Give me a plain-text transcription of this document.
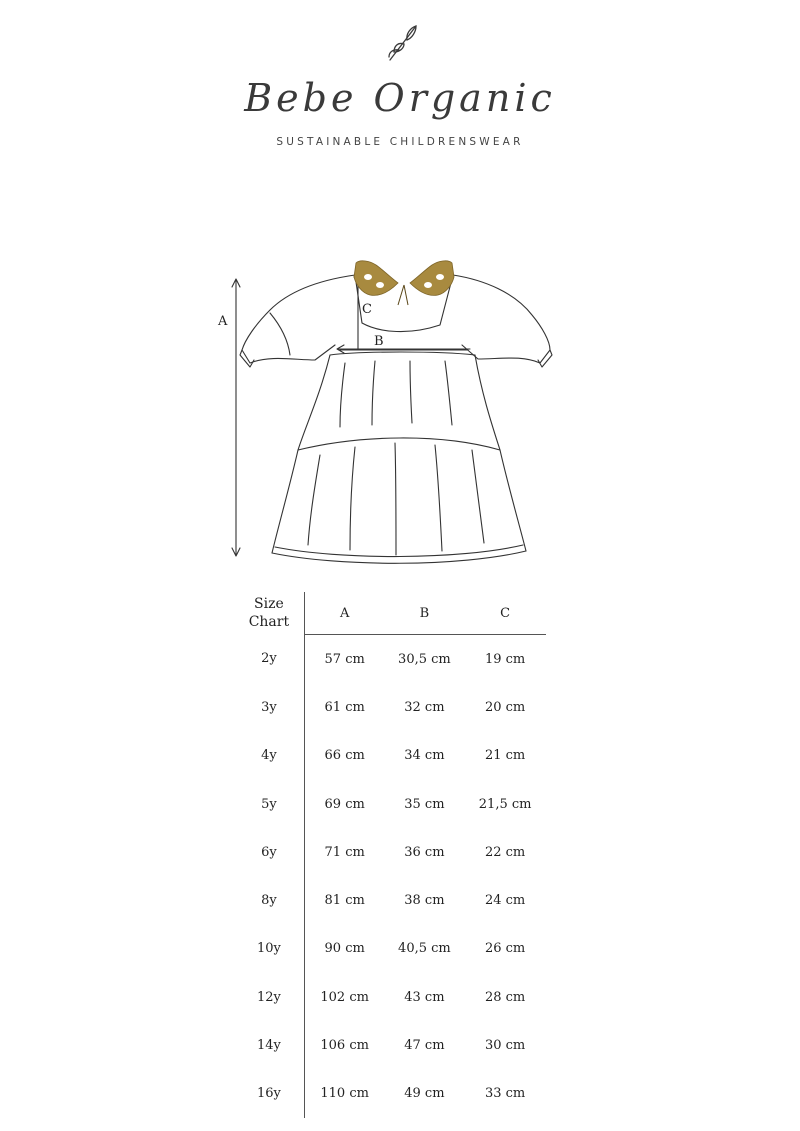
Bebe Organic
SUSTAINABLE CHILDRENSWEAR
A
B
C
Size
Chart	A	B	C
2y	57 cm	30,5 cm	19 cm
3y	61 cm	32 cm	20 cm
4y	66 cm	34 cm	21 cm
5y	69 cm	35 cm	21,5 cm
6y	71 cm	36 cm	22 cm
8y	81 cm	38 cm	24 cm
10y	90 cm	40,5 cm	26 cm
12y	102 cm	43 cm	28 cm
14y	106 cm	47 cm	30 cm
16y	110 cm	49 cm	33 cm
